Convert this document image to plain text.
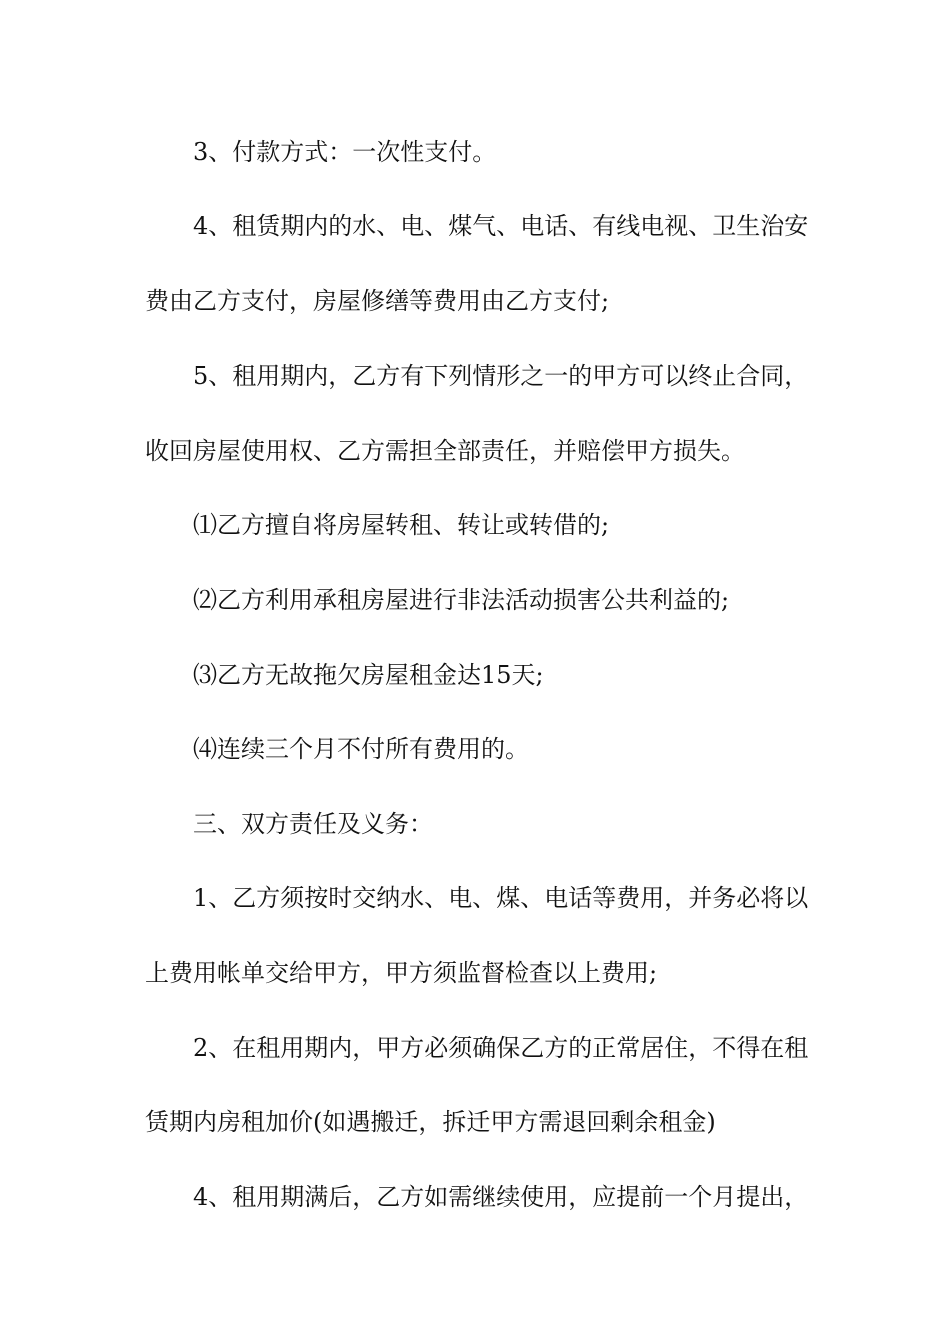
3、付款方式：一次性支付。
4、租赁期内的水、电、煤气、电话、有线电视、卫生治安
费由乙方支付，房屋修缮等费用由乙方支付;
5、租用期内，乙方有下列情形之一的甲方可以终止合同，
收回房屋使用权、乙方需担全部责任，并赔偿甲方损失。
⑴乙方擅自将房屋转租、转让或转借的;
⑵乙方利用承租房屋进行非法活动损害公共利益的;
⑶乙方无故拖欠房屋租金达15天;
⑷连续三个月不付所有费用的。
三、双方责任及义务：
1、乙方须按时交纳水、电、煤、电话等费用，并务必将以
上费用帐单交给甲方，甲方须监督检查以上费用;
2、在租用期内，甲方必须确保乙方的正常居住，不得在租
赁期内房租加价(如遇搬迁，拆迁甲方需退回剩余租金)
4、租用期满后，乙方如需继续使用，应提前一个月提出，
